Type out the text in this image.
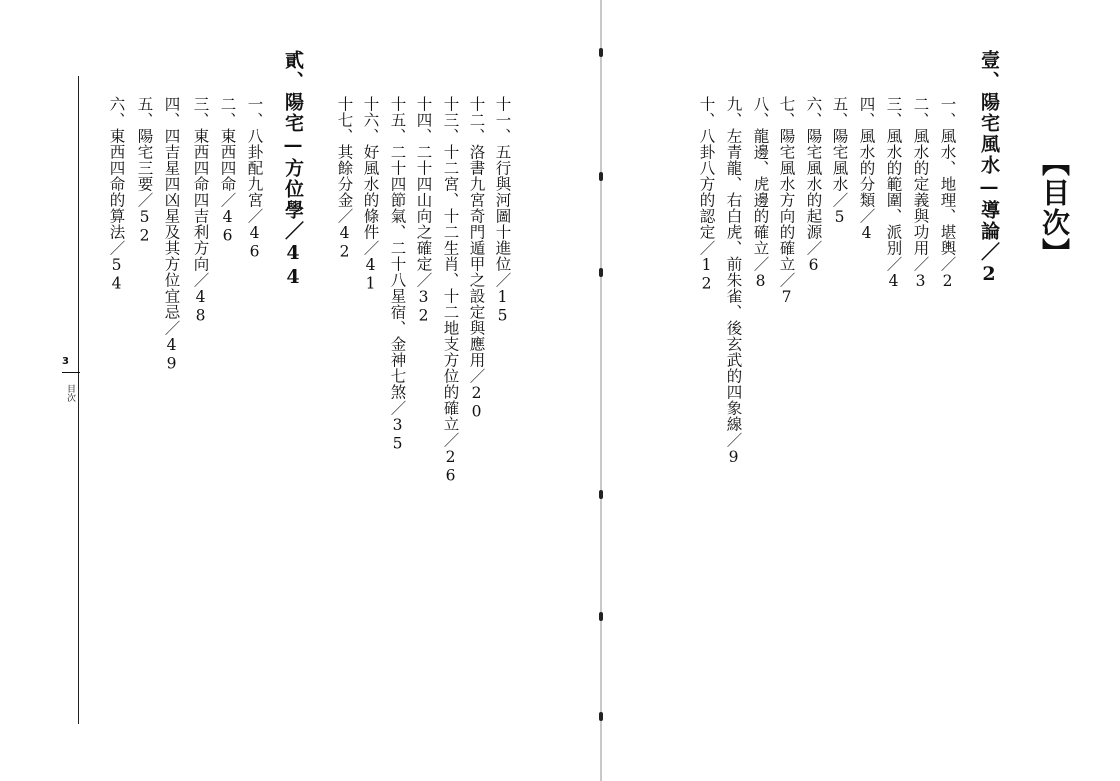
3
目次
十一、五行與河圖十進位／15
十二、洛書九宮奇門遁甲之設定與應用／20
十三、十二宮、十二生肖、十二地支方位的確立／26
十四、二十四山向之確定／32
十五、二十四節氣、二十八星宿、金神七煞／35
十六、好風水的條件／41
十七、其餘分金／42
貳、陽宅—方位學／44
一、八卦配九宮／46
二、東西四命／46
三、東西四命四吉利方向／48
四、四吉星四凶星及其方位宜忌／49
五、陽宅三要／52
六、東西四命的算法／54	【目次】
壹、陽宅風水—導論／2
一、風水、地理、堪輿／2
二、風水的定義與功用／3
三、風水的範圍、派別／4
四、風水的分類／4
五、陽宅風水／5
六、陽宅風水的起源／6
七、陽宅風水方向的確立／7
八、龍邊、虎邊的確立／8
九、左青龍、右白虎、前朱雀、後玄武的四象線／9
十、八卦八方的認定／12
